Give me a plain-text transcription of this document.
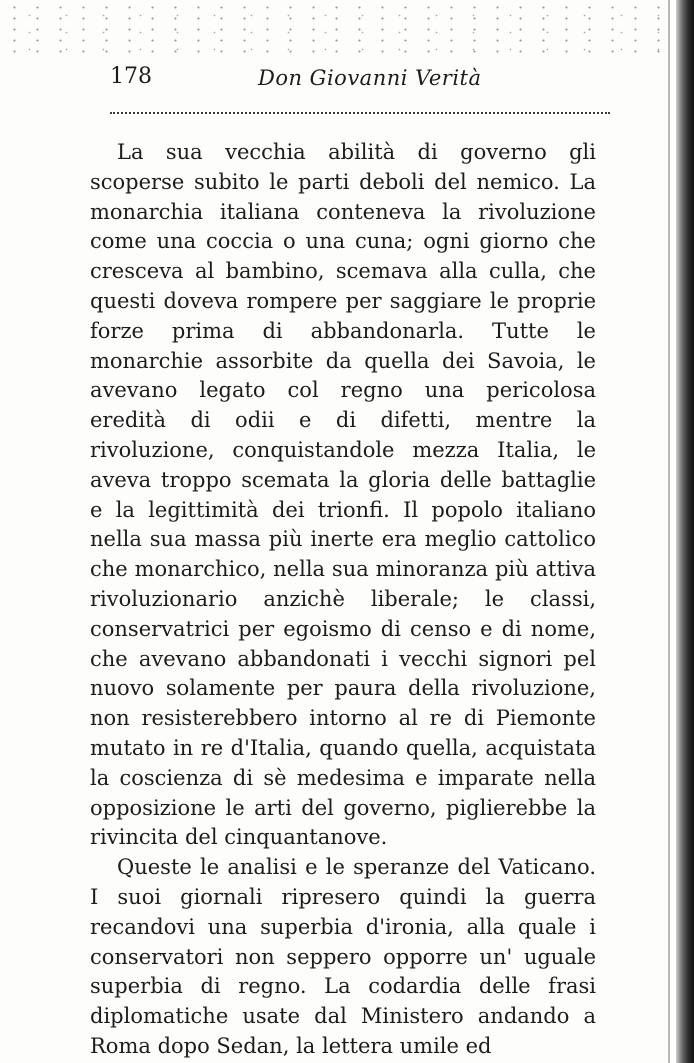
178	Don Giovanni Verità

La sua vecchia abilità di governo gli scoperse subito le parti deboli del nemico. La monarchia italiana conteneva la rivoluzione come una coccia o una cuna; ogni giorno che cresceva al bambino, scemava alla culla, che questi doveva rompere per saggiare le proprie forze prima di abbandonarla. Tutte le monarchie assorbite da quella dei Savoia, le avevano legato col regno una pericolosa eredità di odii e di difetti, mentre la rivoluzione, conquistandole mezza Italia, le aveva troppo scemata la gloria delle battaglie e la legittimità dei trionfi. Il popolo italiano nella sua massa più inerte era meglio cattolico che monarchico, nella sua minoranza più attiva rivoluzionario anzichè liberale; le classi, conservatrici per egoismo di censo e di nome, che avevano abbandonati i vecchi signori pel nuovo solamente per paura della rivoluzione, non resisterebbero intorno al re di Piemonte mutato in re d'Italia, quando quella, acquistata la coscienza di sè medesima e imparate nella opposizione le arti del governo, piglierebbe la rivincita del cinquantanove.

Queste le analisi e le speranze del Vaticano. I suoi giornali ripresero quindi la guerra recandovi una superbia d'ironia, alla quale i conservatori non seppero opporre un' uguale superbia di regno. La codardia delle frasi diplomatiche usate dal Ministero andando a Roma dopo Sedan, la lettera umile ed
